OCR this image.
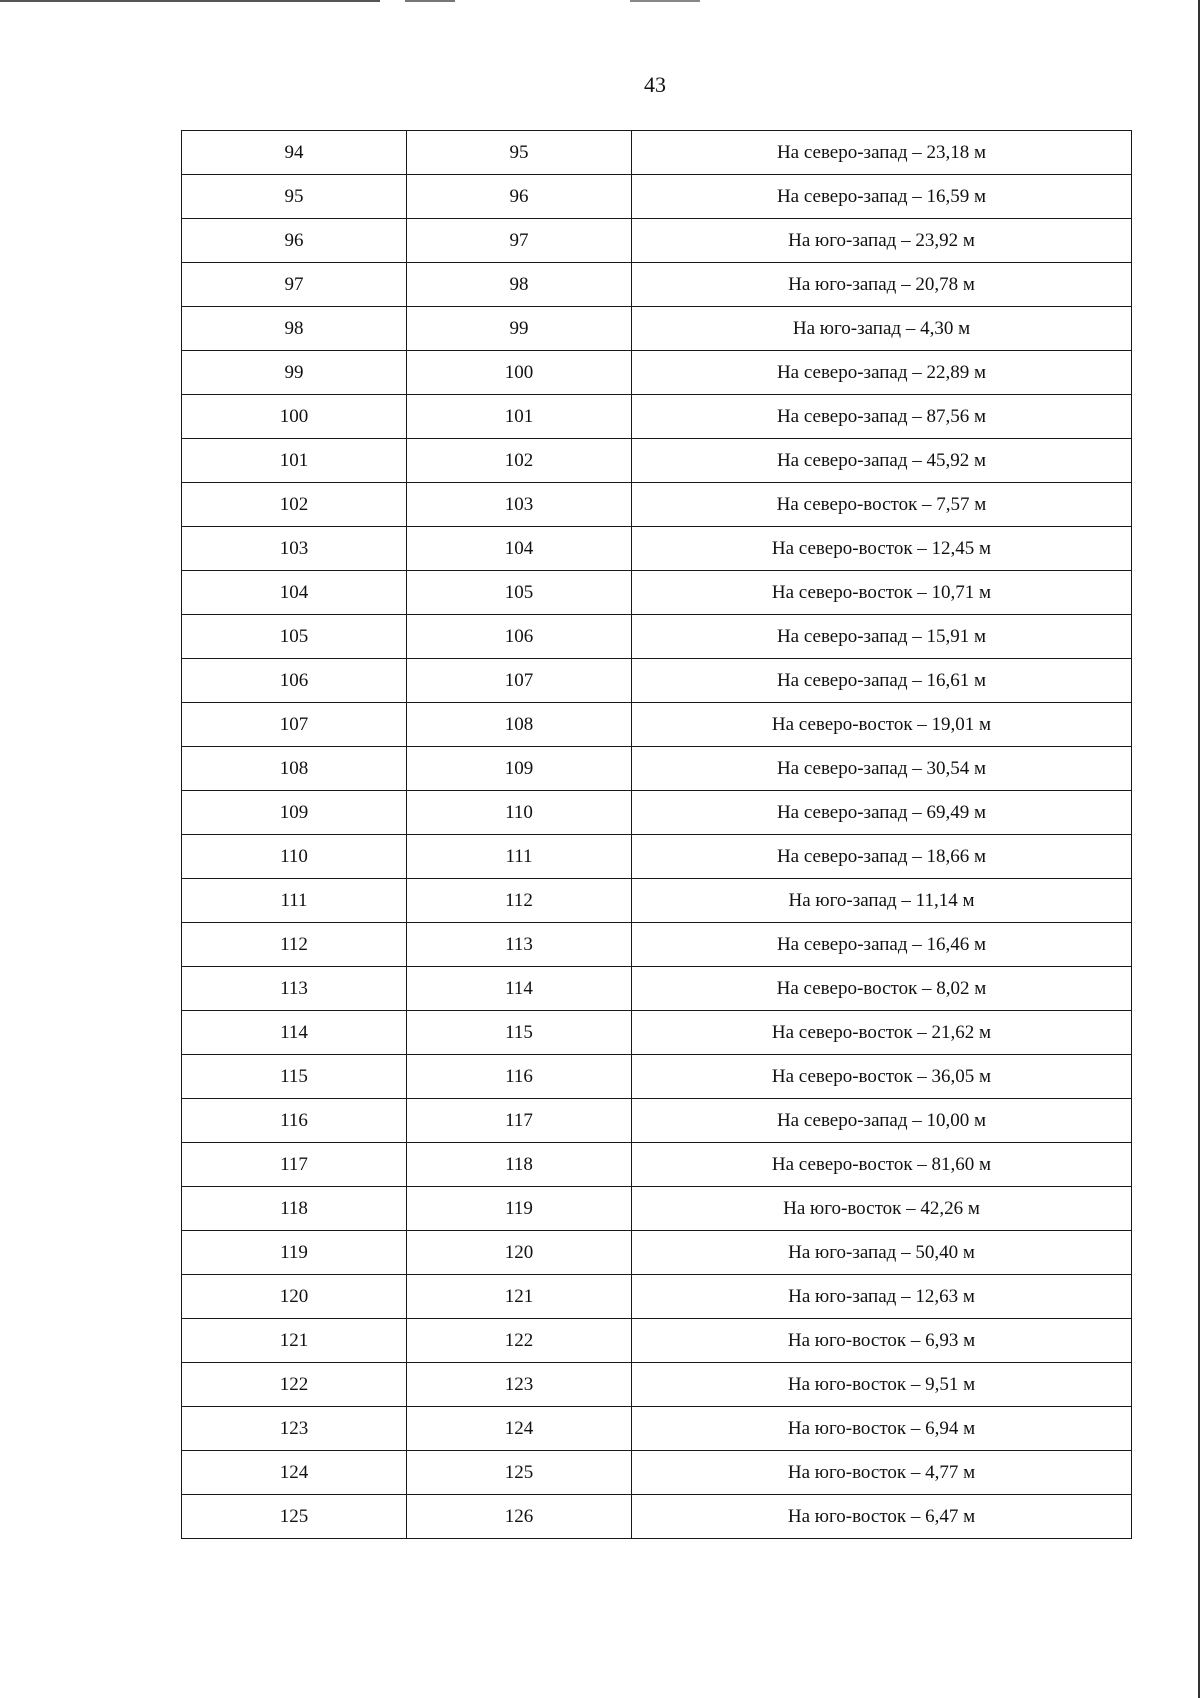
43
94	95	На северо-запад – 23,18 м
95	96	На северо-запад – 16,59 м
96	97	На юго-запад – 23,92 м
97	98	На юго-запад – 20,78 м
98	99	На юго-запад – 4,30 м
99	100	На северо-запад – 22,89 м
100	101	На северо-запад – 87,56 м
101	102	На северо-запад – 45,92 м
102	103	На северо-восток – 7,57 м
103	104	На северо-восток – 12,45 м
104	105	На северо-восток – 10,71 м
105	106	На северо-запад – 15,91 м
106	107	На северо-запад – 16,61 м
107	108	На северо-восток – 19,01 м
108	109	На северо-запад – 30,54 м
109	110	На северо-запад – 69,49 м
110	111	На северо-запад – 18,66 м
111	112	На юго-запад – 11,14 м
112	113	На северо-запад – 16,46 м
113	114	На северо-восток – 8,02 м
114	115	На северо-восток – 21,62 м
115	116	На северо-восток – 36,05 м
116	117	На северо-запад – 10,00 м
117	118	На северо-восток – 81,60 м
118	119	На юго-восток – 42,26 м
119	120	На юго-запад – 50,40 м
120	121	На юго-запад – 12,63 м
121	122	На юго-восток – 6,93 м
122	123	На юго-восток – 9,51 м
123	124	На юго-восток – 6,94 м
124	125	На юго-восток – 4,77 м
125	126	На юго-восток – 6,47 м
